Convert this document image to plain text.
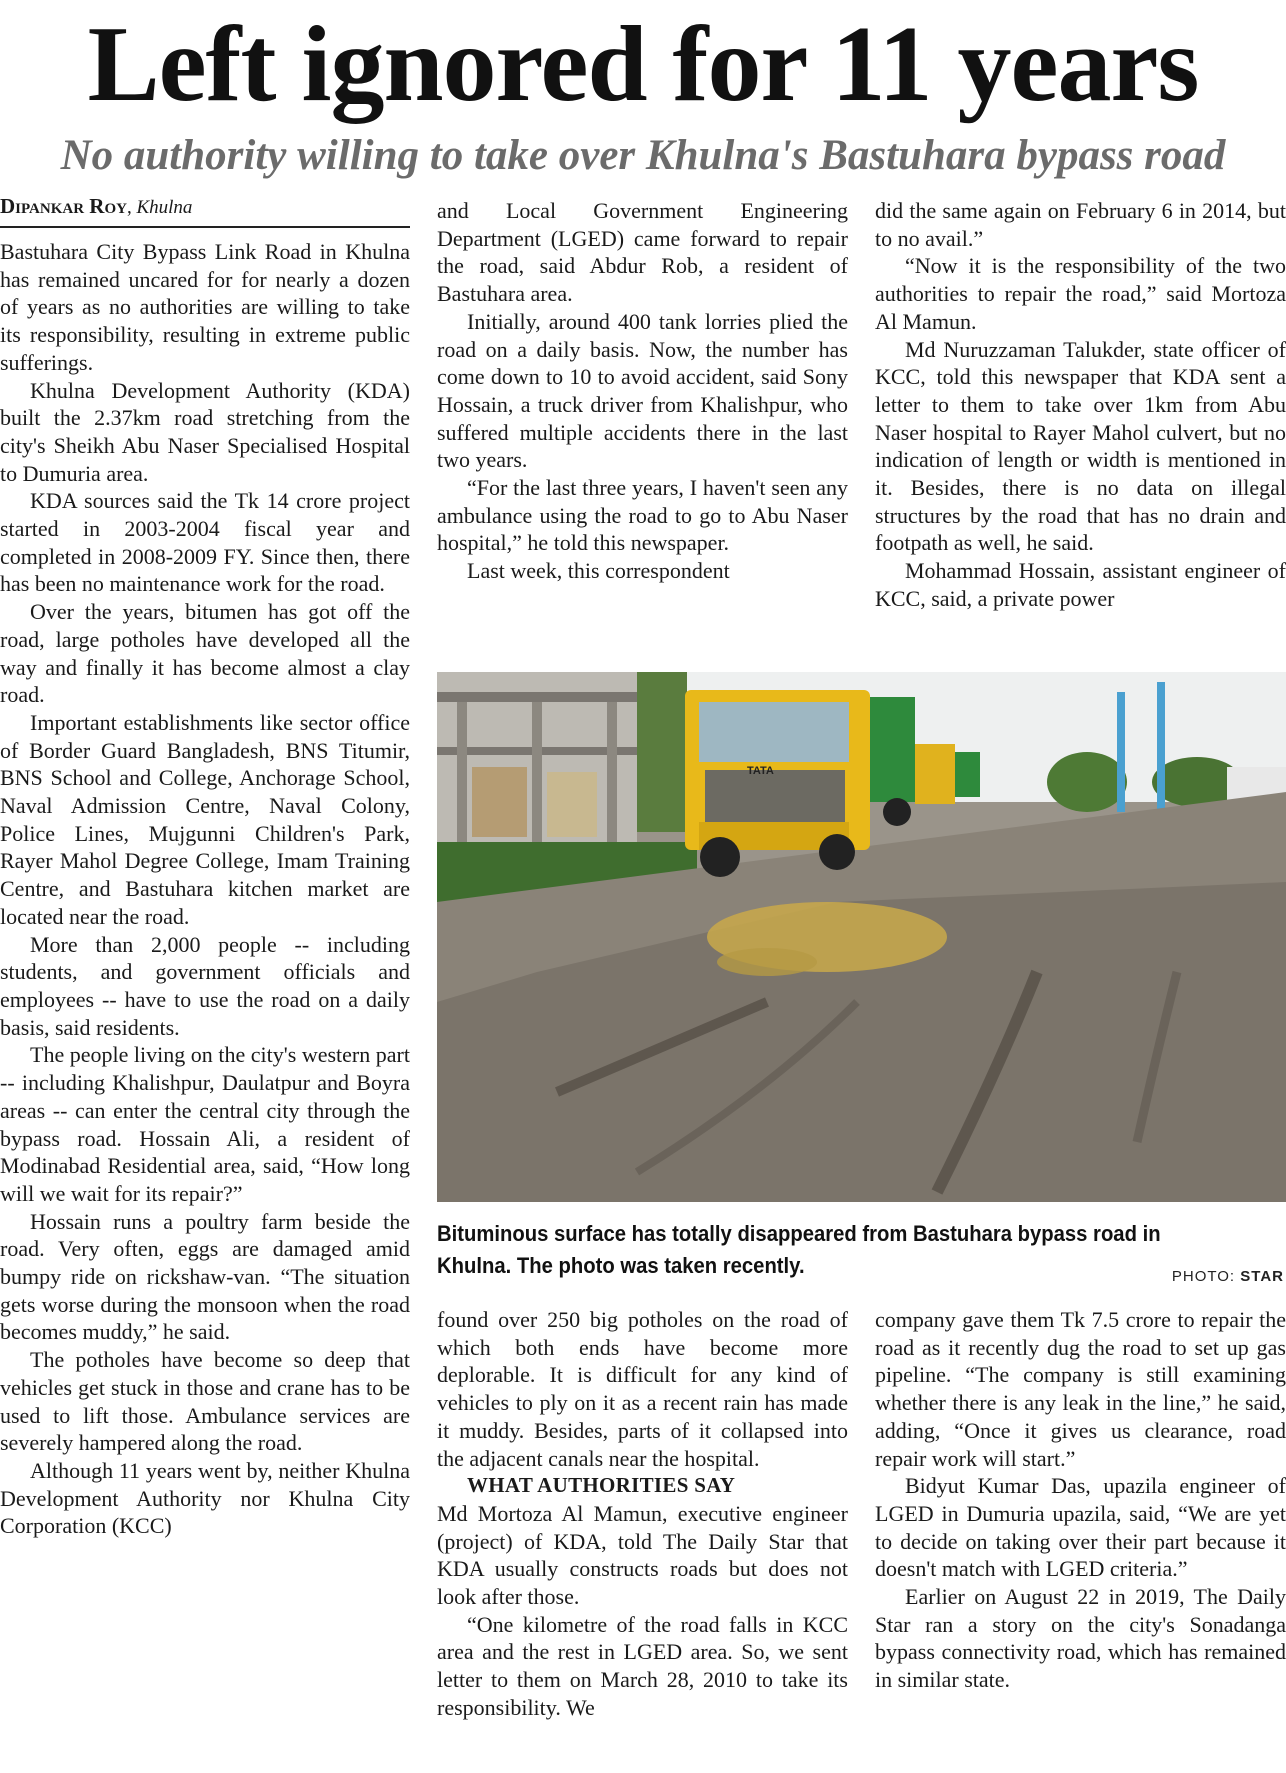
Left ignored for 11 years
No authority willing to take over Khulna's Bastuhara bypass road
Dipankar Roy, Khulna

Bastuhara City Bypass Link Road in Khulna has remained uncared for for nearly a dozen of years as no authorities are willing to take its responsibility, resulting in extreme public sufferings.

Khulna Development Authority (KDA) built the 2.37km road stretching from the city's Sheikh Abu Naser Specialised Hospital to Dumuria area.

KDA sources said the Tk 14 crore project started in 2003-2004 fiscal year and completed in 2008-2009 FY. Since then, there has been no maintenance work for the road.

Over the years, bitumen has got off the road, large potholes have developed all the way and finally it has become almost a clay road.

Important establishments like sector office of Border Guard Bangladesh, BNS Titumir, BNS School and College, Anchorage School, Naval Admission Centre, Naval Colony, Police Lines, Mujgunni Children's Park, Rayer Mahol Degree College, Imam Training Centre, and Bastuhara kitchen market are located near the road.

More than 2,000 people -- including students, and government officials and employees -- have to use the road on a daily basis, said residents.

The people living on the city's western part -- including Khalishpur, Daulatpur and Boyra areas -- can enter the central city through the bypass road. Hossain Ali, a resident of Modinabad Residential area, said, “How long will we wait for its repair?”

Hossain runs a poultry farm beside the road. Very often, eggs are damaged amid bumpy ride on rickshaw-van. “The situation gets worse during the monsoon when the road becomes muddy,” he said.

The potholes have become so deep that vehicles get stuck in those and crane has to be used to lift those. Ambulance services are severely hampered along the road.

Although 11 years went by, neither Khulna Development Authority nor Khulna City Corporation (KCC)

and Local Government Engineering Department (LGED) came forward to repair the road, said Abdur Rob, a resident of Bastuhara area.

Initially, around 400 tank lorries plied the road on a daily basis. Now, the number has come down to 10 to avoid accident, said Sony Hossain, a truck driver from Khalishpur, who suffered multiple accidents there in the last two years.

“For the last three years, I haven't seen any ambulance using the road to go to Abu Naser hospital,” he told this newspaper.

Last week, this correspondent

did the same again on February 6 in 2014, but to no avail.”

“Now it is the responsibility of the two authorities to repair the road,” said Mortoza Al Mamun.

Md Nuruzzaman Talukder, state officer of KCC, told this newspaper that KDA sent a letter to them to take over 1km from Abu Naser hospital to Rayer Mahol culvert, but no indication of length or width is mentioned in it. Besides, there is no data on illegal structures by the road that has no drain and footpath as well, he said.

Mohammad Hossain, assistant engineer of KCC, said, a private power

TATA
Bituminous surface has totally disappeared from Bastuhara bypass road in Khulna. The photo was taken recently.	PHOTO: STAR

found over 250 big potholes on the road of which both ends have become more deplorable. It is difficult for any kind of vehicles to ply on it as a recent rain has made it muddy. Besides, parts of it collapsed into the adjacent canals near the hospital.

WHAT AUTHORITIES SAY

Md Mortoza Al Mamun, executive engineer (project) of KDA, told The Daily Star that KDA usually constructs roads but does not look after those.

“One kilometre of the road falls in KCC area and the rest in LGED area. So, we sent letter to them on March 28, 2010 to take its responsibility. We

company gave them Tk 7.5 crore to repair the road as it recently dug the road to set up gas pipeline. “The company is still examining whether there is any leak in the line,” he said, adding, “Once it gives us clearance, road repair work will start.”

Bidyut Kumar Das, upazila engineer of LGED in Dumuria upazila, said, “We are yet to decide on taking over their part because it doesn't match with LGED criteria.”

Earlier on August 22 in 2019, The Daily Star ran a story on the city's Sonadanga bypass connectivity road, which has remained in similar state.
